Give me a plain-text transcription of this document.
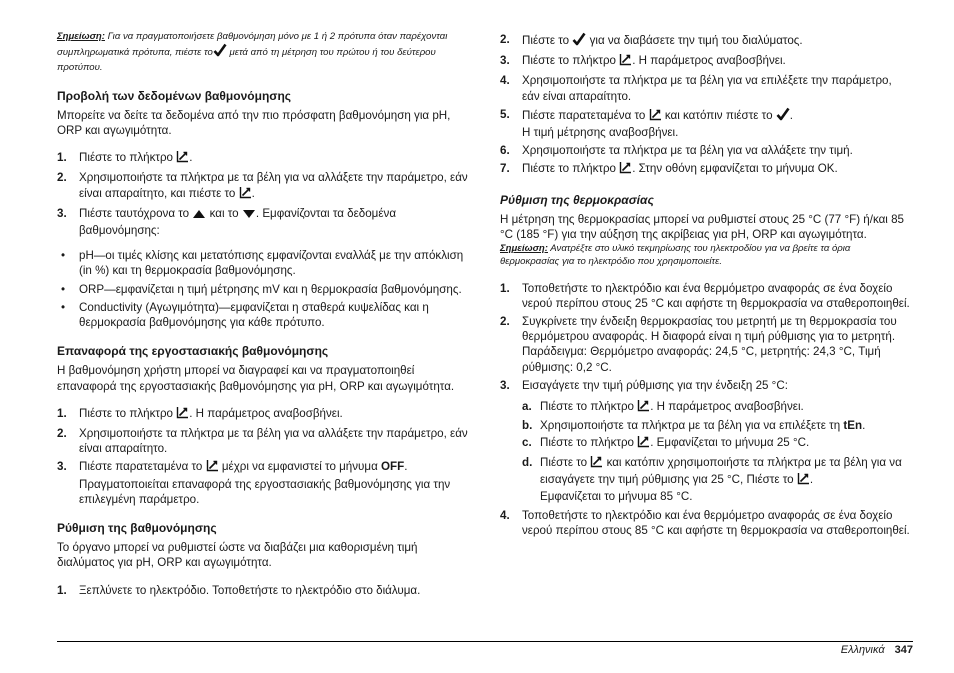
Σημείωση: Για να πραγματοποιήσετε βαθμονόμηση μόνο με 1 ή 2 πρότυπα όταν παρέχονται συμπληρωματικά πρότυπα, πιέστε το μετά από τη μέτρηση του πρώτου ή του δεύτερου προτύπου.

Προβολή των δεδομένων βαθμονόμησης

Μπορείτε να δείτε τα δεδομένα από την πιο πρόσφατη βαθμονόμηση για pH, ORP και αγωγιμότητα.

1. Πιέστε το πλήκτρο .
2. Χρησιμοποιήστε τα πλήκτρα με τα βέλη για να αλλάξετε την παράμετρο, εάν είναι απαραίτητο, και πιέστε το .
3. Πιέστε ταυτόχρονα το και το . Εμφανίζονται τα δεδομένα βαθμονόμησης:
• pH—οι τιμές κλίσης και μετατόπισης εμφανίζονται εναλλάξ με την απόκλιση (in %) και τη θερμοκρασία βαθμονόμησης.
• ORP—εμφανίζεται η τιμή μέτρησης mV και η θερμοκρασία βαθμονόμησης.
• Conductivity (Αγωγιμότητα)—εμφανίζεται η σταθερά κυψελίδας και η θερμοκρασία βαθμονόμησης για κάθε πρότυπο.

Επαναφορά της εργοστασιακής βαθμονόμησης

Η βαθμονόμηση χρήστη μπορεί να διαγραφεί και να πραγματοποιηθεί επαναφορά της εργοστασιακής βαθμονόμησης για pH, ORP και αγωγιμότητα.

1. Πιέστε το πλήκτρο . Η παράμετρος αναβοσβήνει.
2. Χρησιμοποιήστε τα πλήκτρα με τα βέλη για να αλλάξετε την παράμετρο, εάν είναι απαραίτητο.
3. Πιέστε παρατεταμένα το  μέχρι να εμφανιστεί το μήνυμα OFF. Πραγματοποιείται επαναφορά της εργοστασιακής βαθμονόμησης για την επιλεγμένη παράμετρο.

Ρύθμιση της βαθμονόμησης

Το όργανο μπορεί να ρυθμιστεί ώστε να διαβάζει μια καθορισμένη τιμή διαλύματος για pH, ORP και αγωγιμότητα.

1. Ξεπλύνετε το ηλεκτρόδιο. Τοποθετήστε το ηλεκτρόδιο στο διάλυμα.
2. Πιέστε το  για να διαβάσετε την τιμή του διαλύματος.
3. Πιέστε το πλήκτρο . Η παράμετρος αναβοσβήνει.
4. Χρησιμοποιήστε τα πλήκτρα με τα βέλη για να επιλέξετε την παράμετρο, εάν είναι απαραίτητο.
5. Πιέστε παρατεταμένα το  και κατόπιν πιέστε το .
Η τιμή μέτρησης αναβοσβήνει.
6. Χρησιμοποιήστε τα πλήκτρα με τα βέλη για να αλλάξετε την τιμή.
7. Πιέστε το πλήκτρο . Στην οθόνη εμφανίζεται το μήνυμα OK.

Ρύθμιση της θερμοκρασίας

Η μέτρηση της θερμοκρασίας μπορεί να ρυθμιστεί στους 25 °C (77 °F) ή/και 85 °C (185 °F) για την αύξηση της ακρίβειας για pH, ORP και αγωγιμότητα.

Σημείωση: Ανατρέξτε στο υλικό τεκμηρίωσης του ηλεκτροδίου για να βρείτε τα όρια θερμοκρασίας για το ηλεκτρόδιο που χρησιμοποιείτε.

1. Τοποθετήστε το ηλεκτρόδιο και ένα θερμόμετρο αναφοράς σε ένα δοχείο νερού περίπου στους 25 °C και αφήστε τη θερμοκρασία να σταθεροποιηθεί.
2. Συγκρίνετε την ένδειξη θερμοκρασίας του μετρητή με τη θερμοκρασία του θερμόμετρου αναφοράς. Η διαφορά είναι η τιμή ρύθμισης για το μετρητή.
Παράδειγμα: Θερμόμετρο αναφοράς: 24,5 °C, μετρητής: 24,3 °C, Τιμή ρύθμισης: 0,2 °C.
3. Εισαγάγετε την τιμή ρύθμισης για την ένδειξη 25 °C:
a. Πιέστε το πλήκτρο . Η παράμετρος αναβοσβήνει.
b. Χρησιμοποιήστε τα πλήκτρα με τα βέλη για να επιλέξετε τη tEn.
c. Πιέστε το πλήκτρο . Εμφανίζεται το μήνυμα 25 °C.
d. Πιέστε το  και κατόπιν χρησιμοποιήστε τα πλήκτρα με τα βέλη για να εισαγάγετε την τιμή ρύθμισης για 25 °C, Πιέστε το .
Εμφανίζεται το μήνυμα 85 °C.
4. Τοποθετήστε το ηλεκτρόδιο και ένα θερμόμετρο αναφοράς σε ένα δοχείο νερού περίπου στους 85 °C και αφήστε τη θερμοκρασία να σταθεροποιηθεί.
Ελληνικά 347
